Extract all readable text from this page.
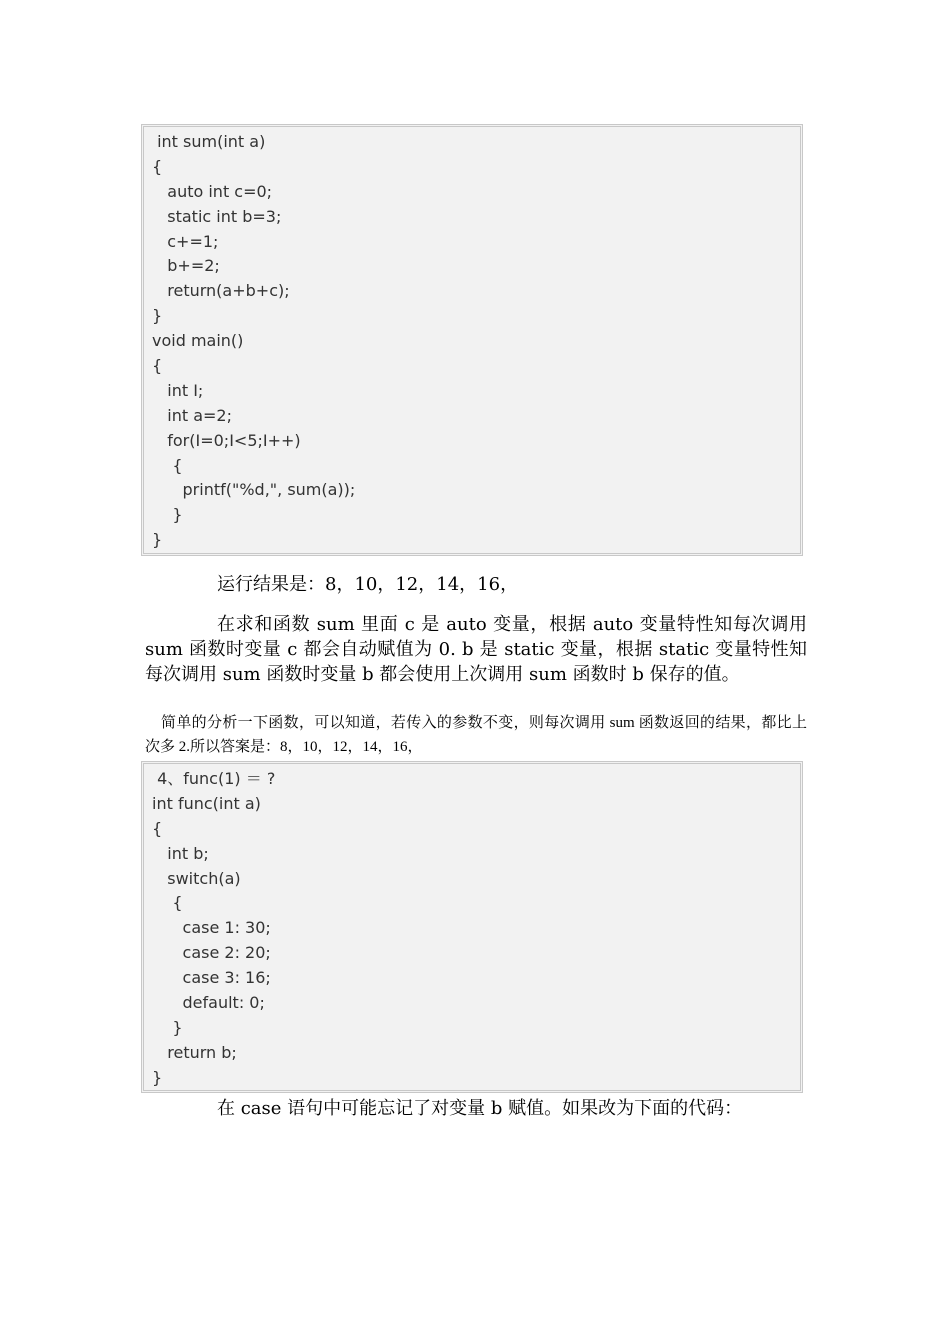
int sum(int a)
{
auto int c=0;
static int b=3;
c+=1;
b+=2;
return(a+b+c);
}
void main()
{
int I;
int a=2;
for(I=0;I<5;I++)
{
printf("%d,", sum(a));
}
}

运行结果是：8，10，12，14，16，

在求和函数 sum 里面 c 是 auto 变量，根据 auto 变量特性知每次调用 sum 函数时变量 c 都会自动赋值为 0. b 是 static 变量，根据 static 变量特性知每次调用 sum 函数时变量 b 都会使用上次调用 sum 函数时 b 保存的值。

简单的分析一下函数，可以知道，若传入的参数不变，则每次调用 sum 函数返回的结果，都比上次多 2.所以答案是：8，10，12，14，16，

4、func(1) ＝ ?
int func(int a)
{
int b;
switch(a)
{
case 1: 30;
case 2: 20;
case 3: 16;
default: 0;
}
return b;
}

在 case 语句中可能忘记了对变量 b 赋值。如果改为下面的代码：
